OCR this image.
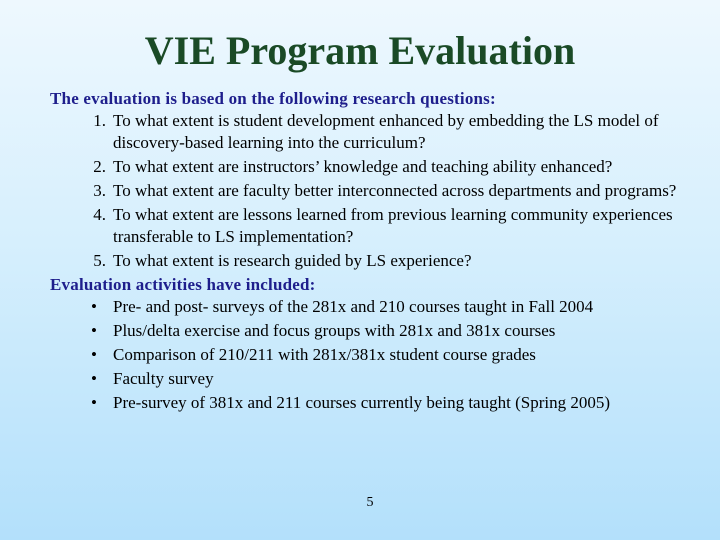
VIE Program Evaluation
The evaluation is based on the following research questions:
1. To what extent is student development enhanced by embedding the LS model of discovery-based learning into the curriculum?
2. To what extent are instructors’ knowledge and teaching ability enhanced?
3. To what extent are faculty better interconnected across departments and programs?
4. To what extent are lessons learned from previous learning community experiences transferable to LS implementation?
5. To what extent is research guided by LS experience?
Evaluation activities have included:
• Pre- and post- surveys of the 281x and 210 courses taught in Fall 2004
• Plus/delta exercise and focus groups with 281x and 381x courses
• Comparison of 210/211 with 281x/381x student course grades
• Faculty survey
• Pre-survey of 381x and 211 courses currently being taught (Spring 2005)
5
